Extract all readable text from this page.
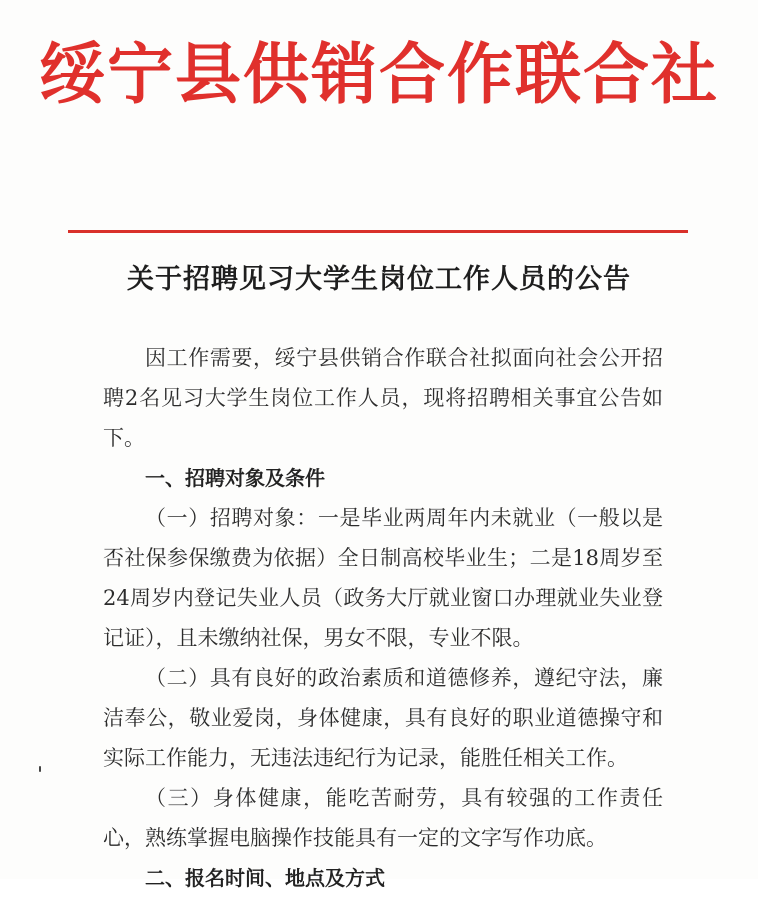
绥宁县供销合作联合社
关于招聘见习大学生岗位工作人员的公告

因工作需要，绥宁县供销合作联合社拟面向社会公开招聘2名见习大学生岗位工作人员，现将招聘相关事宜公告如下。

一、招聘对象及条件

（一）招聘对象：一是毕业两周年内未就业（一般以是否社保参保缴费为依据）全日制高校毕业生；二是18周岁至24周岁内登记失业人员（政务大厅就业窗口办理就业失业登记证），且未缴纳社保，男女不限，专业不限。

（二）具有良好的政治素质和道德修养，遵纪守法，廉洁奉公，敬业爱岗，身体健康，具有良好的职业道德操守和实际工作能力，无违法违纪行为记录，能胜任相关工作。

（三）身体健康，能吃苦耐劳，具有较强的工作责任心，熟练掌握电脑操作技能具有一定的文字写作功底。

二、报名时间、地点及方式
